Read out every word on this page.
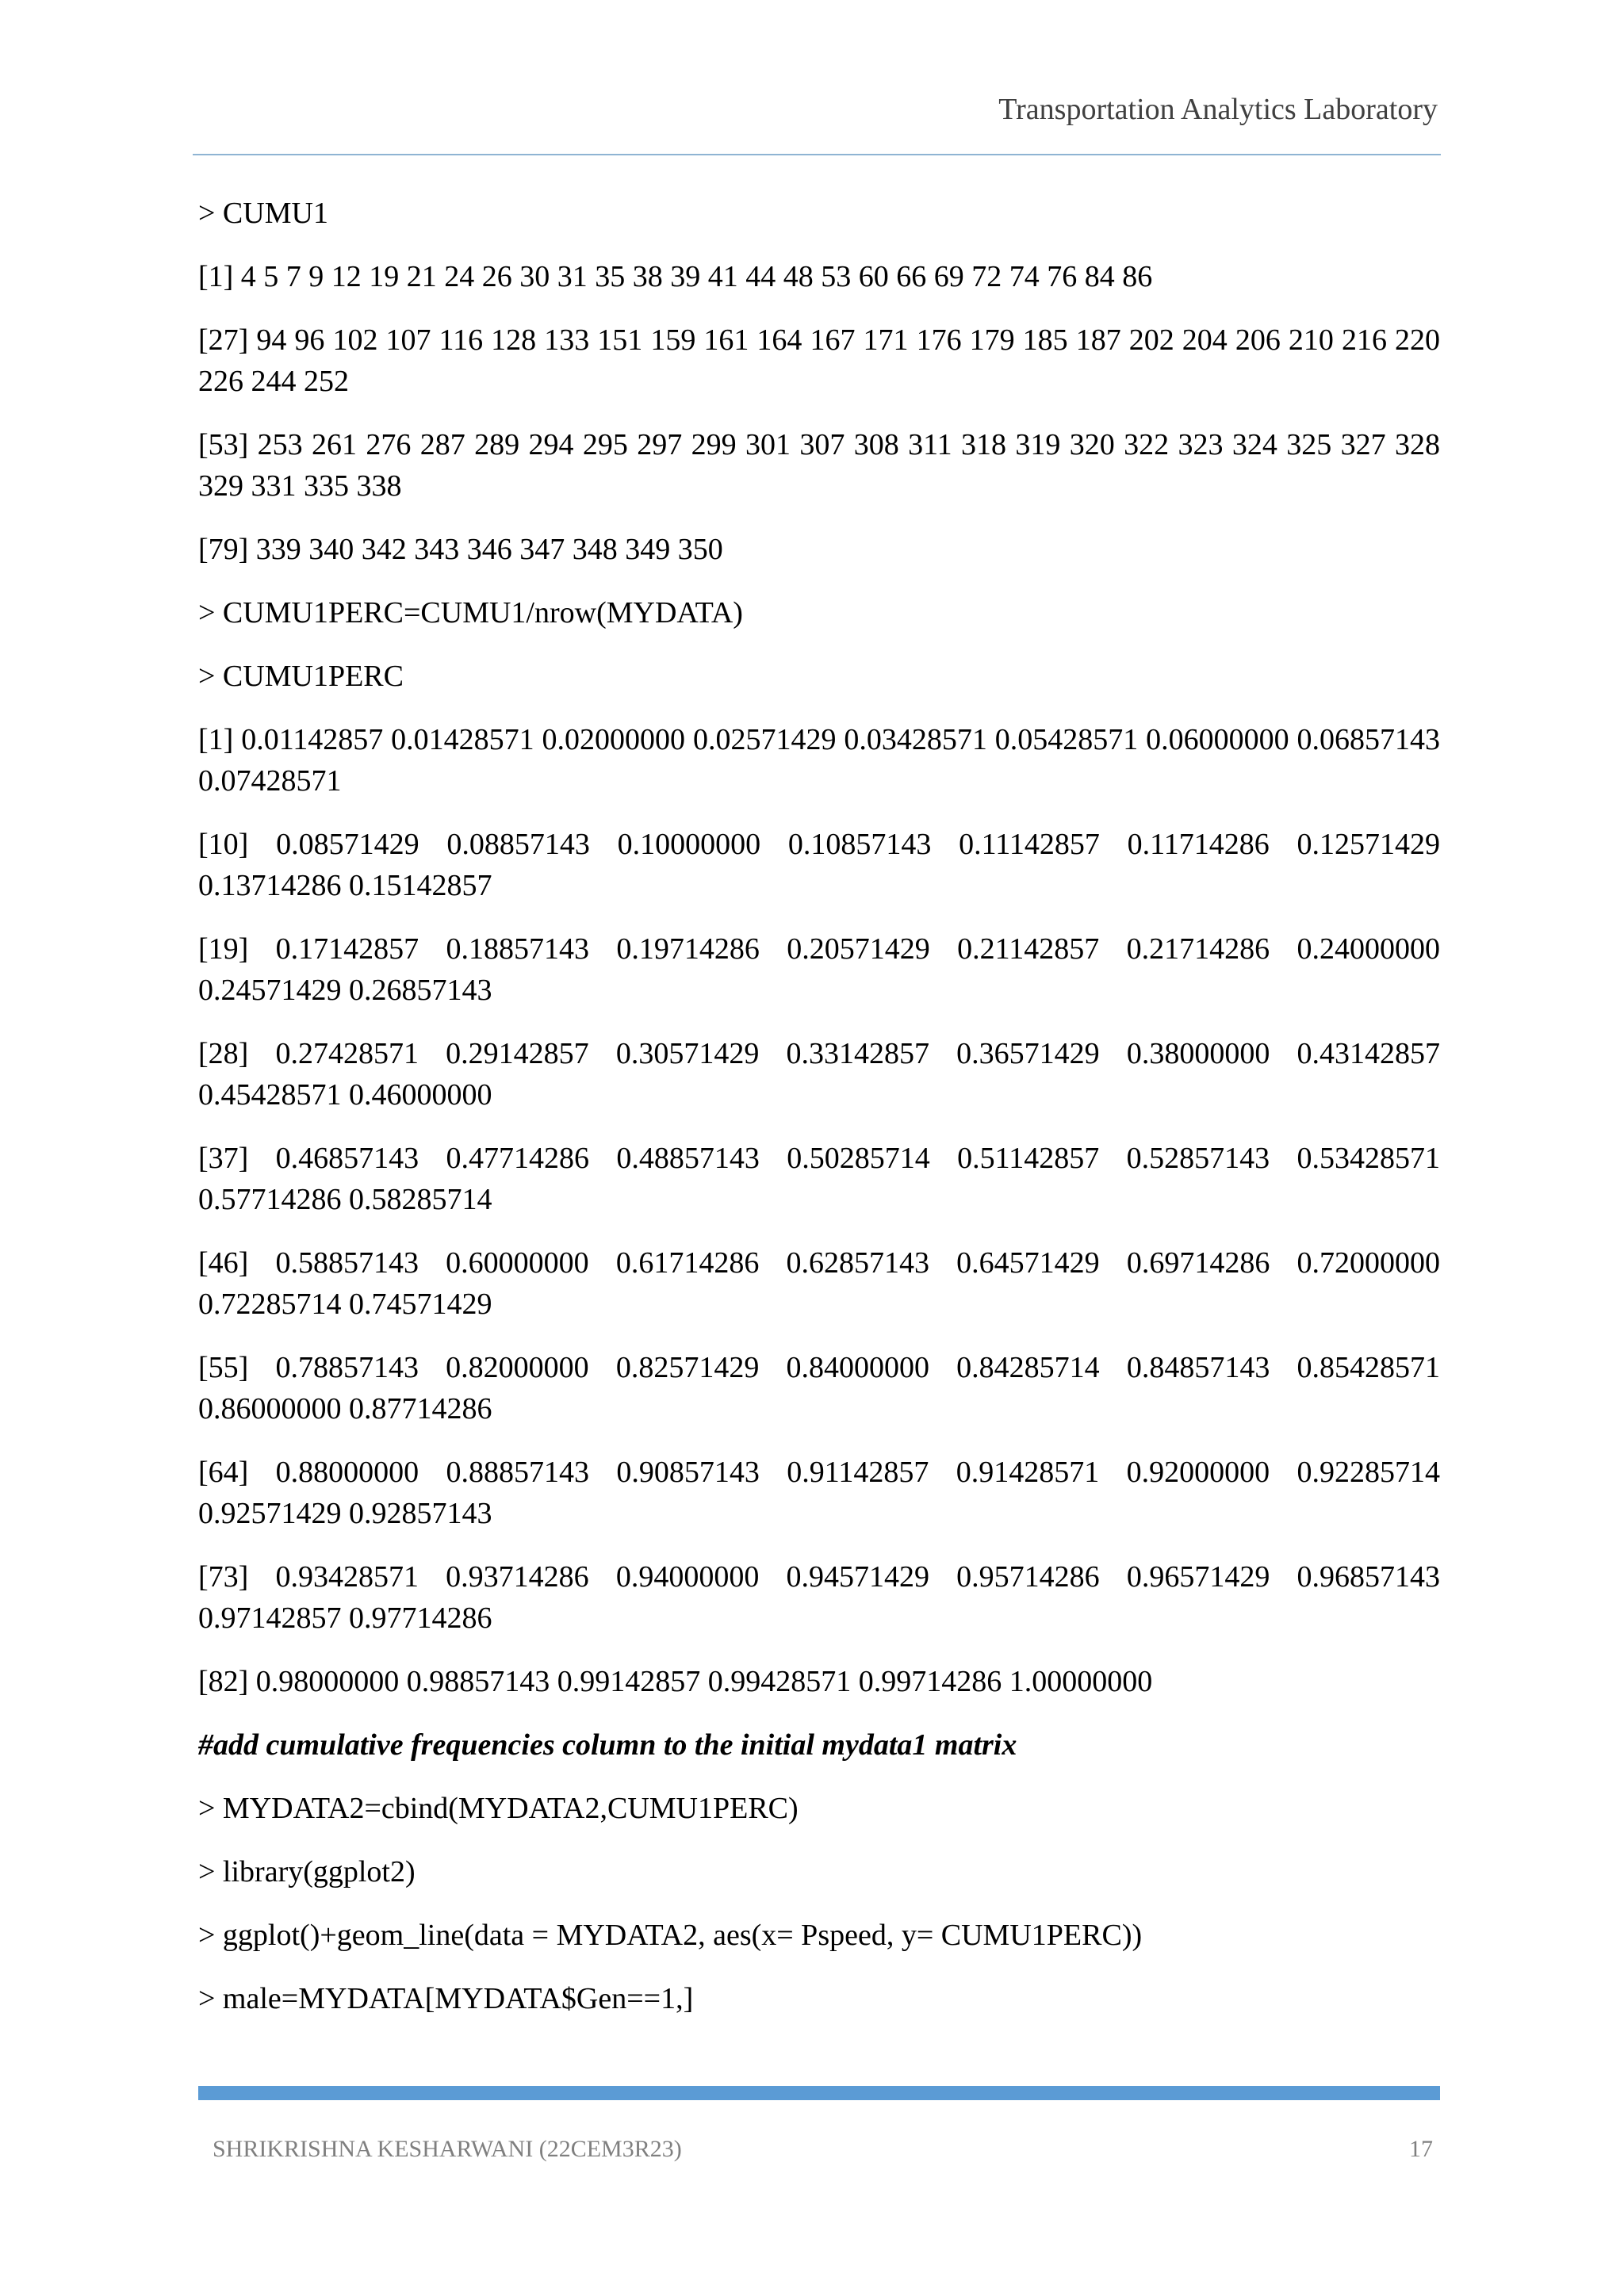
Transportation Analytics Laboratory

> CUMU1

[1] 4 5 7 9 12 19 21 24 26 30 31 35 38 39 41 44 48 53 60 66 69 72 74 76 84 86

[27] 94 96 102 107 116 128 133 151 159 161 164 167 171 176 179 185 187 202 204 206 210 216 220 226 244 252

[53] 253 261 276 287 289 294 295 297 299 301 307 308 311 318 319 320 322 323 324 325 327 328 329 331 335 338

[79] 339 340 342 343 346 347 348 349 350

> CUMU1PERC=CUMU1/nrow(MYDATA)

> CUMU1PERC

[1] 0.01142857 0.01428571 0.02000000 0.02571429 0.03428571 0.05428571 0.06000000 0.06857143 0.07428571

[10] 0.08571429 0.08857143 0.10000000 0.10857143 0.11142857 0.11714286 0.12571429 0.13714286 0.15142857

[19] 0.17142857 0.18857143 0.19714286 0.20571429 0.21142857 0.21714286 0.24000000 0.24571429 0.26857143

[28] 0.27428571 0.29142857 0.30571429 0.33142857 0.36571429 0.38000000 0.43142857 0.45428571 0.46000000

[37] 0.46857143 0.47714286 0.48857143 0.50285714 0.51142857 0.52857143 0.53428571 0.57714286 0.58285714

[46] 0.58857143 0.60000000 0.61714286 0.62857143 0.64571429 0.69714286 0.72000000 0.72285714 0.74571429

[55] 0.78857143 0.82000000 0.82571429 0.84000000 0.84285714 0.84857143 0.85428571 0.86000000 0.87714286

[64] 0.88000000 0.88857143 0.90857143 0.91142857 0.91428571 0.92000000 0.92285714 0.92571429 0.92857143

[73] 0.93428571 0.93714286 0.94000000 0.94571429 0.95714286 0.96571429 0.96857143 0.97142857 0.97714286

[82] 0.98000000 0.98857143 0.99142857 0.99428571 0.99714286 1.00000000

#add cumulative frequencies column to the initial mydata1 matrix

> MYDATA2=cbind(MYDATA2,CUMU1PERC)

> library(ggplot2)

> ggplot()+geom_line(data = MYDATA2, aes(x= Pspeed, y= CUMU1PERC))

> male=MYDATA[MYDATA$Gen==1,]

SHRIKRISHNA KESHARWANI (22CEM3R23)	17
